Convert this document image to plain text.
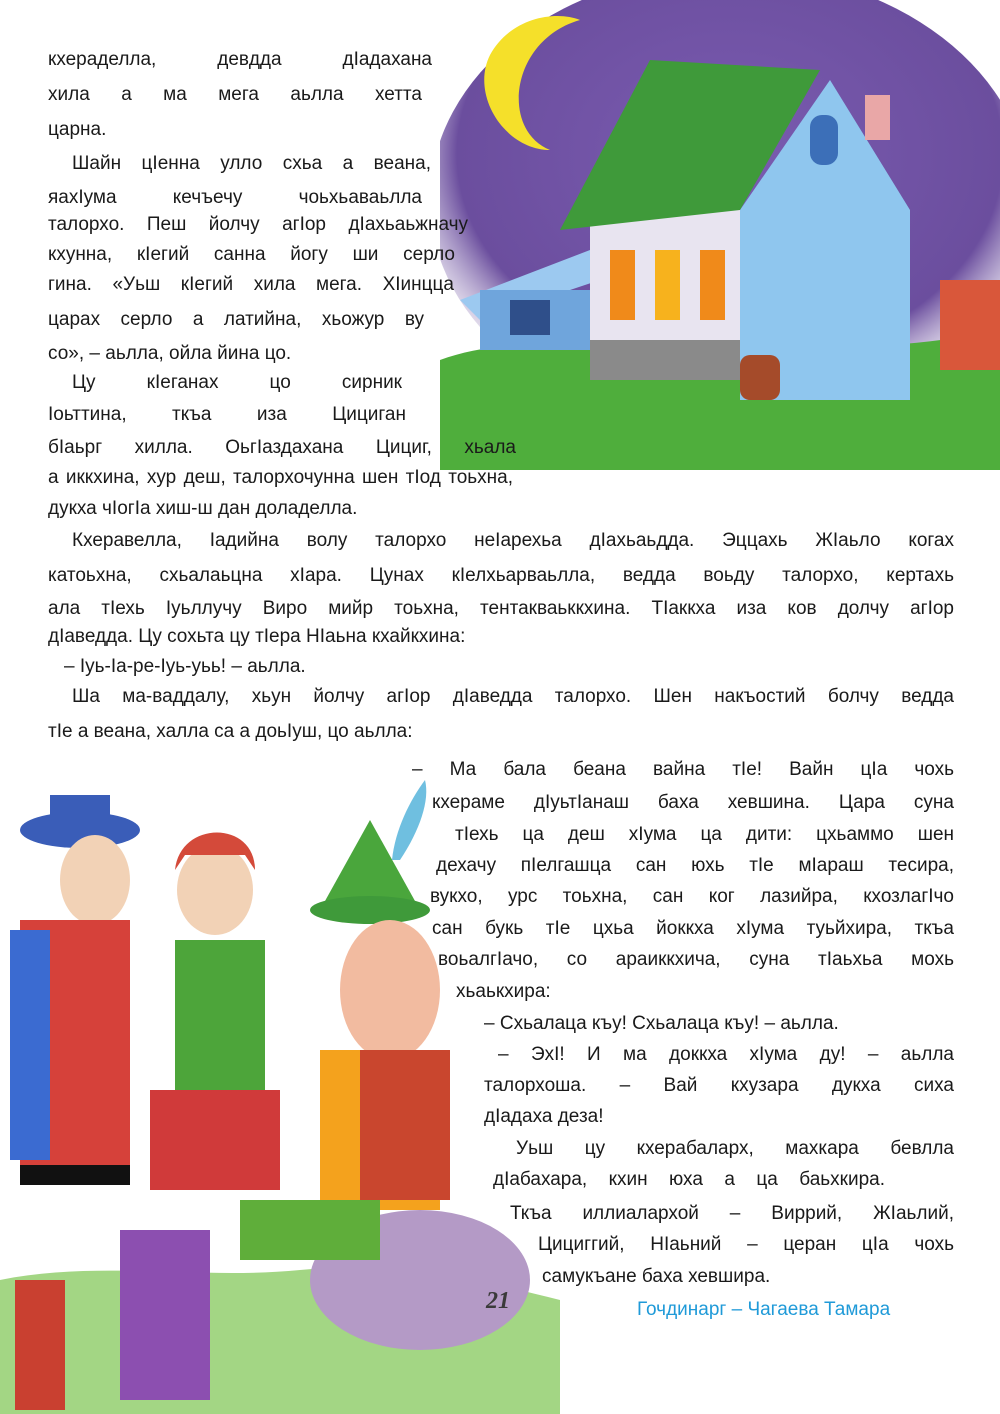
кхераделла, девдда дӀадахана
хила а ма мега аьлла хетта
царна.
Шайн цӀенна улло схьа а веана,
яахӀума кечъечу чоьхьаваьлла
талорхо. Пеш йолчу агӀор дӀахьаьжначу
кхунна, кӀегий санна йогу ши серло
гина. «Уьш кӀегий хила мега. ХӀинцца
царах серло а латийна, хьожур ву
со», – аьлла, ойла йина цо.
Цу кӀеганах цо сирник
Ӏоьттина, ткъа иза Цициган
бӀаьрг хилла. ОьгӀаздахана Цициг, хьала
а иккхина, хур деш, талорхочунна шен тӀод тоьхна,
дукха чӀогӀа хиш-ш дан доладелла.
Кхеравелла, Ӏадийна волу талорхо неӀарехьа дӀахьаьдда. Эццахь ЖӀаьло когах
катоьхна, схьалаьцна хӀара. Цунах кӀелхьарваьлла, ведда воьду талорхо, кертахь
ала тӀехь Ӏуьллучу Виро мийр тоьхна, тентакваьккхина. ТӀаккха иза ков долчу агӀор
дӀаведда. Цу сохьта цу тӀера НӀаьна кхайкхина:
– Ӏуь-Ӏа-ре-Ӏуь-уьь! – аьлла.
Ша ма-ваддалу, хьун йолчу агӀор дӀаведда талорхо. Шен накъостий болчу ведда
тӀе а веана, халла са а доьӀуш, цо аьлла:
– Ма бала беана вайна тӀе! Вайн цӀа чохь
кхераме дӀуьтӀанаш баха хевшина. Цара суна
тӀехь ца деш хӀума ца дити: цхьаммо шен
дехачу пӀелгашца сан юхь тӀе мӀараш тесира,
вукхо, урс тоьхна, сан ког лазийра, кхозлагӀчо
сан букь тӀе цхьа йоккха хӀума туьйхира, ткъа
воьалгӀачо, со араиккхича, суна тӀаьхьа мохь
хьаькхира:
– Схьалаца къу! Схьалаца къу! – аьлла.
– ЭхӀ! И ма доккха хӀума ду! – аьлла
талорхоша. – Вай кхузара дукха сиха
дӀадаха деза!
Уьш цу кхерабаларх, махкара бевлла
дӀабахара, кхин юха а ца баьхкира.
Ткъа иллиалархой – Виррий, ЖӀаьлий,
Цициггий, НӀаьний – церан цӀа чохь
самукъане баха хевшира.
Гочдинарг – Чагаева Тамара
21
